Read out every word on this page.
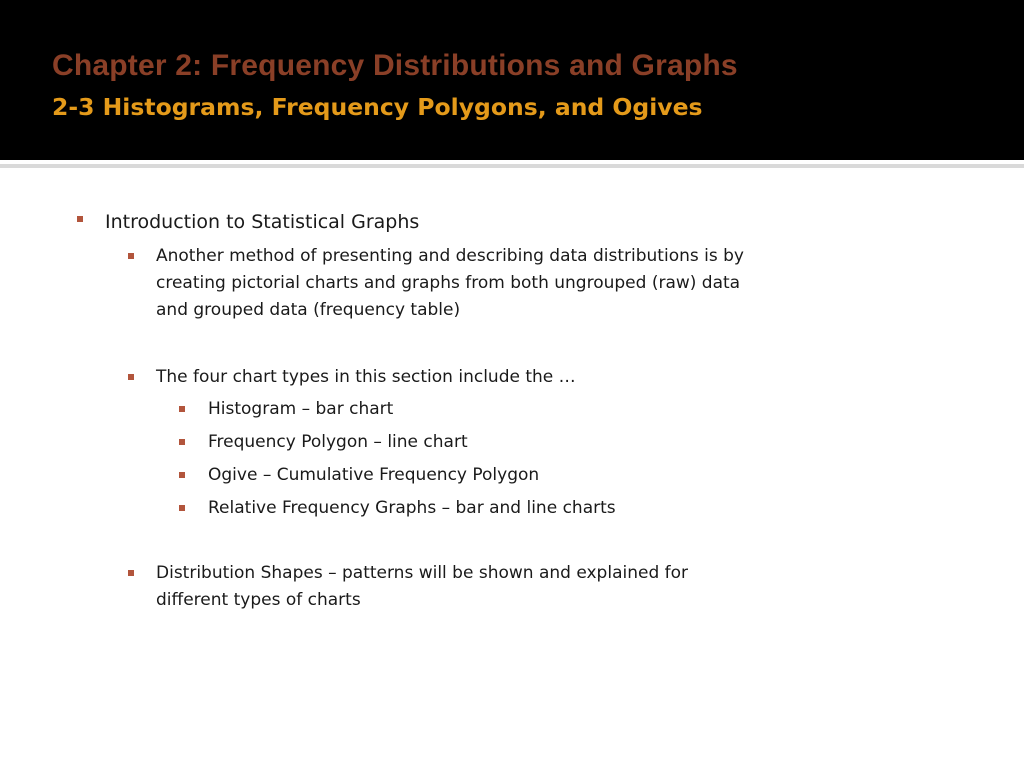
Chapter 2: Frequency Distributions and Graphs
2-3 Histograms, Frequency Polygons, and Ogives
Introduction to Statistical Graphs
Another method of presenting and describing data distributions is by
creating pictorial charts and graphs from both ungrouped (raw) data
and grouped data (frequency table)
The four chart types in this section include the …
Histogram – bar chart
Frequency Polygon – line chart
Ogive – Cumulative Frequency Polygon
Relative Frequency Graphs – bar and line charts
Distribution Shapes – patterns will be shown and explained for
different types of charts
